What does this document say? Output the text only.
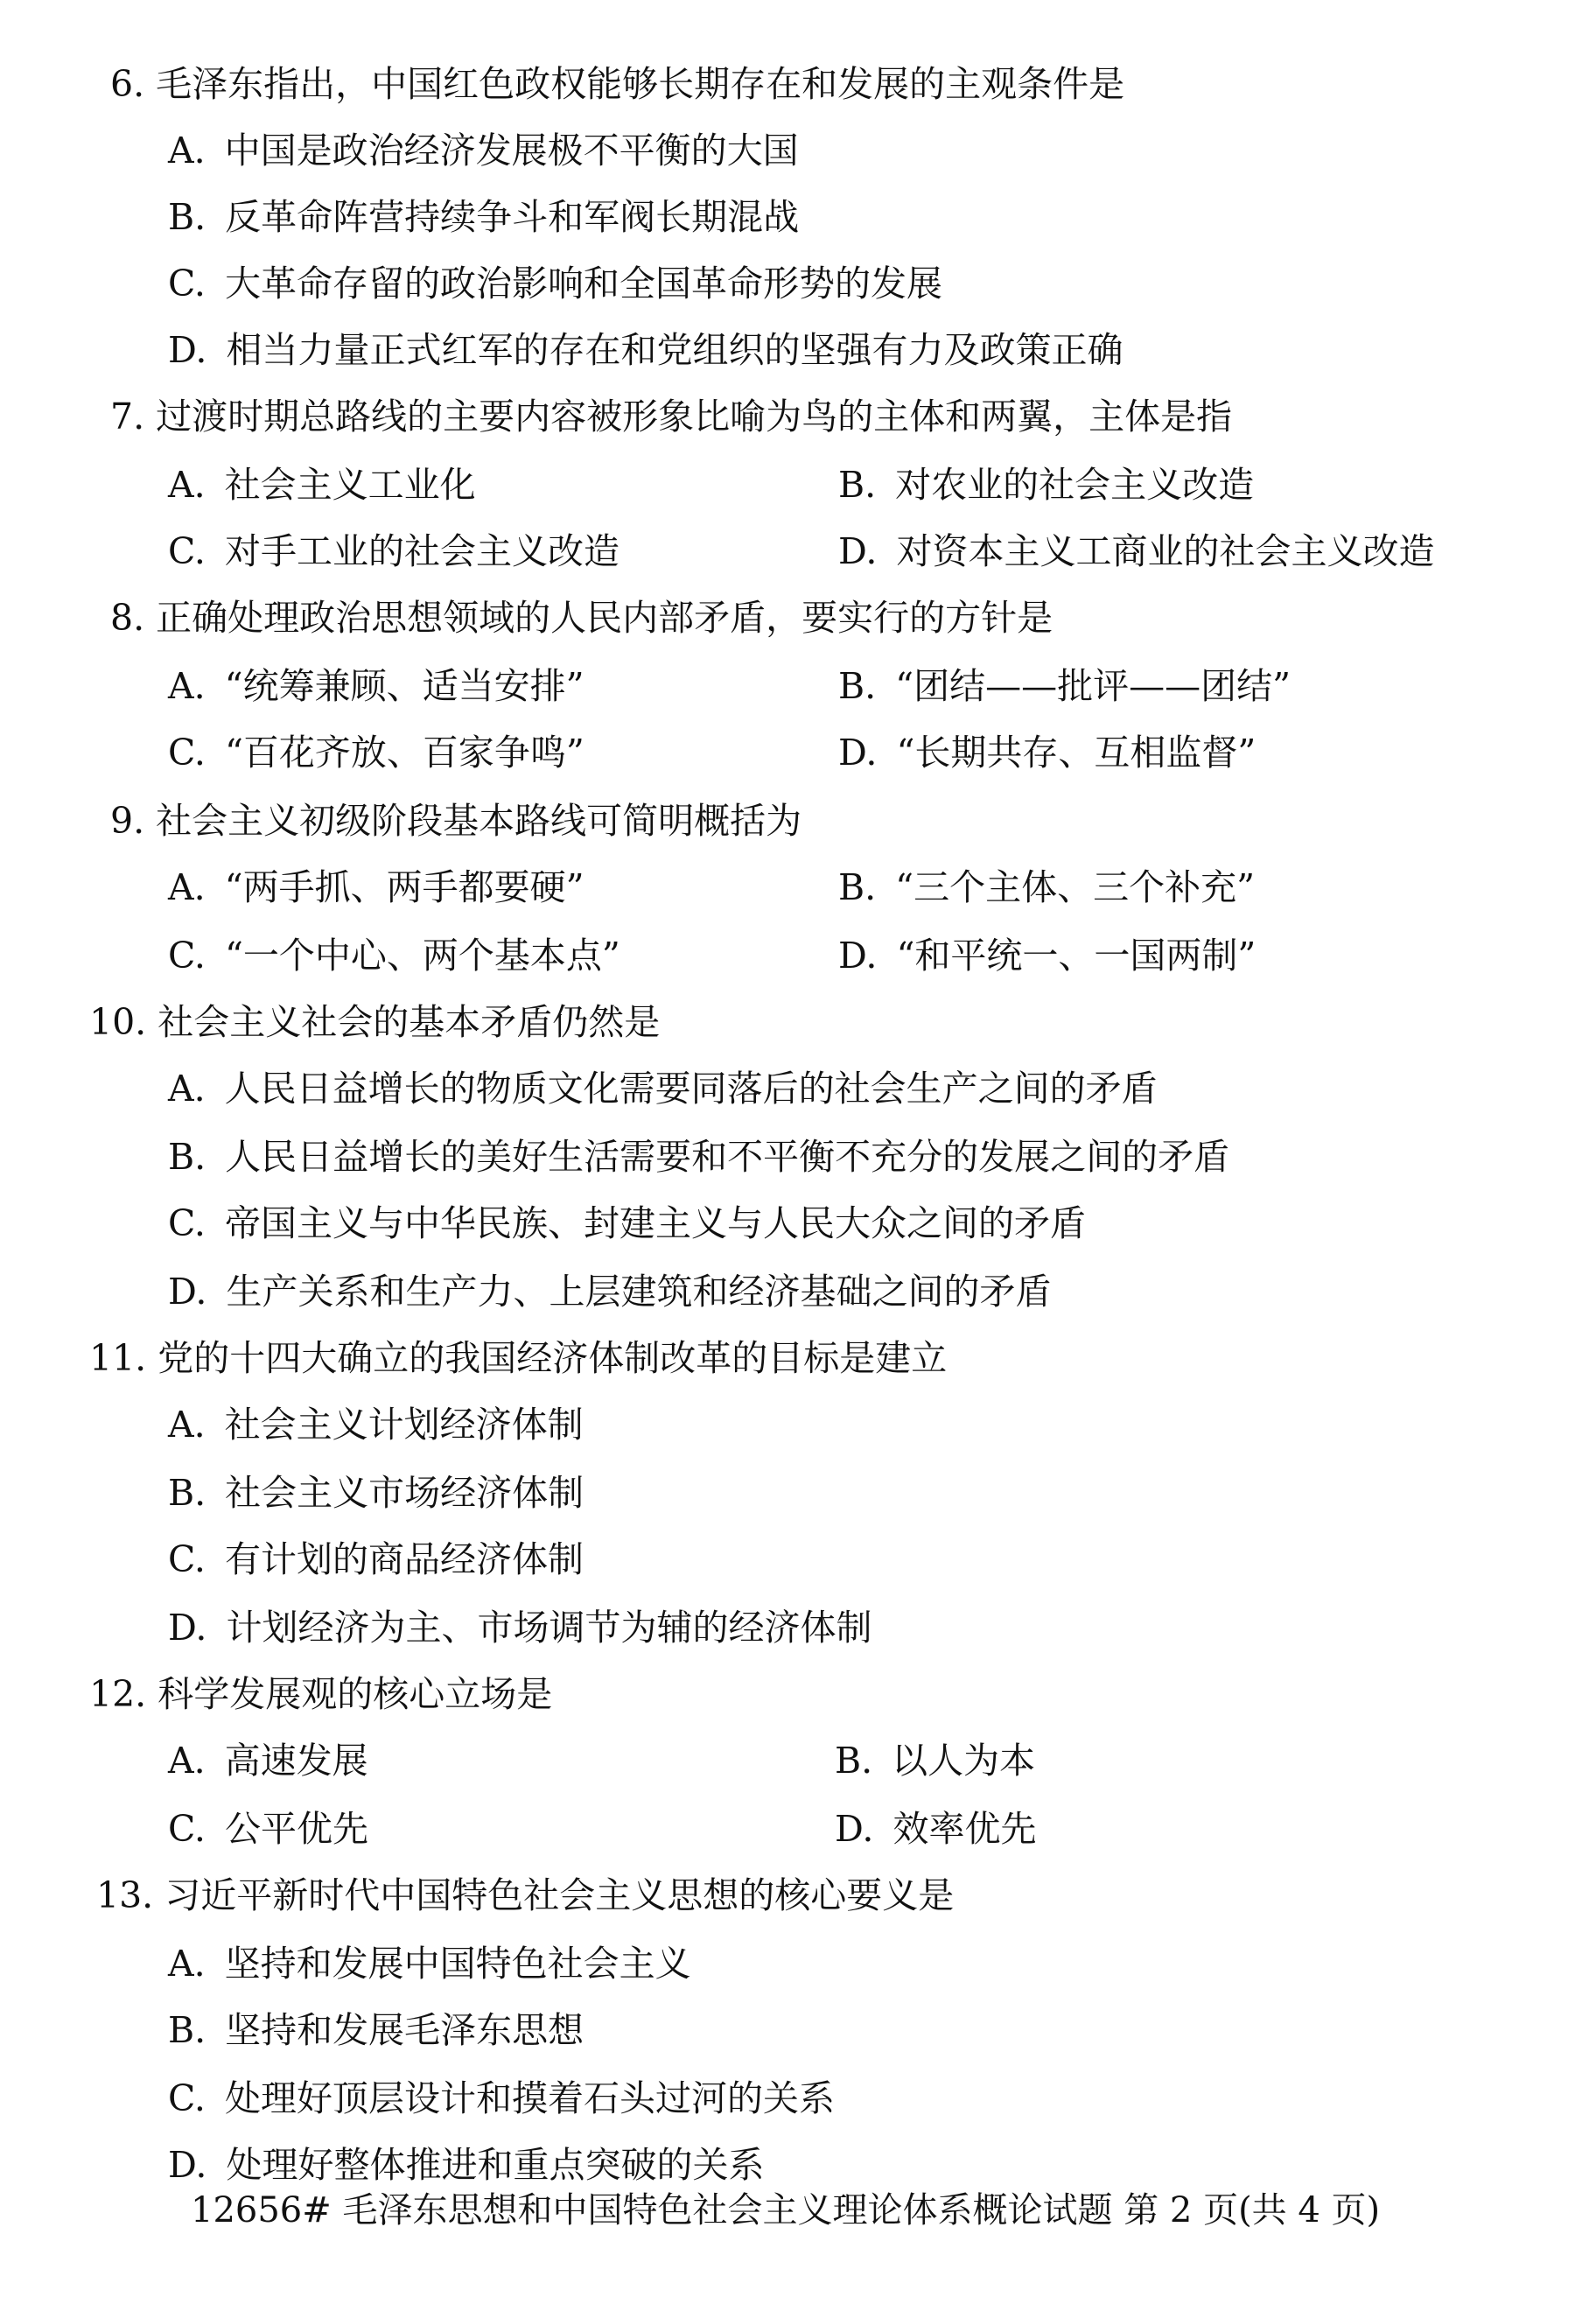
6. 毛泽东指出，中国红色政权能够长期存在和发展的主观条件是
A. 中国是政治经济发展极不平衡的大国
B. 反革命阵营持续争斗和军阀长期混战
C. 大革命存留的政治影响和全国革命形势的发展
D. 相当力量正式红军的存在和党组织的坚强有力及政策正确
7. 过渡时期总路线的主要内容被形象比喻为鸟的主体和两翼，主体是指
A. 社会主义工业化	B. 对农业的社会主义改造
C. 对手工业的社会主义改造	D. 对资本主义工商业的社会主义改造
8. 正确处理政治思想领域的人民内部矛盾，要实行的方针是
A. “统筹兼顾、适当安排”	B. “团结——批评——团结”
C. “百花齐放、百家争鸣”	D. “长期共存、互相监督”
9. 社会主义初级阶段基本路线可简明概括为
A. “两手抓、两手都要硬”	B. “三个主体、三个补充”
C. “一个中心、两个基本点”	D. “和平统一、一国两制”
10. 社会主义社会的基本矛盾仍然是
A. 人民日益增长的物质文化需要同落后的社会生产之间的矛盾
B. 人民日益增长的美好生活需要和不平衡不充分的发展之间的矛盾
C. 帝国主义与中华民族、封建主义与人民大众之间的矛盾
D. 生产关系和生产力、上层建筑和经济基础之间的矛盾
11. 党的十四大确立的我国经济体制改革的目标是建立
A. 社会主义计划经济体制
B. 社会主义市场经济体制
C. 有计划的商品经济体制
D. 计划经济为主、市场调节为辅的经济体制
12. 科学发展观的核心立场是
A. 高速发展	B. 以人为本
C. 公平优先	D. 效率优先
13. 习近平新时代中国特色社会主义思想的核心要义是
A. 坚持和发展中国特色社会主义
B. 坚持和发展毛泽东思想
C. 处理好顶层设计和摸着石头过河的关系
D. 处理好整体推进和重点突破的关系
12656# 毛泽东思想和中国特色社会主义理论体系概论试题 第 2 页(共 4 页)
